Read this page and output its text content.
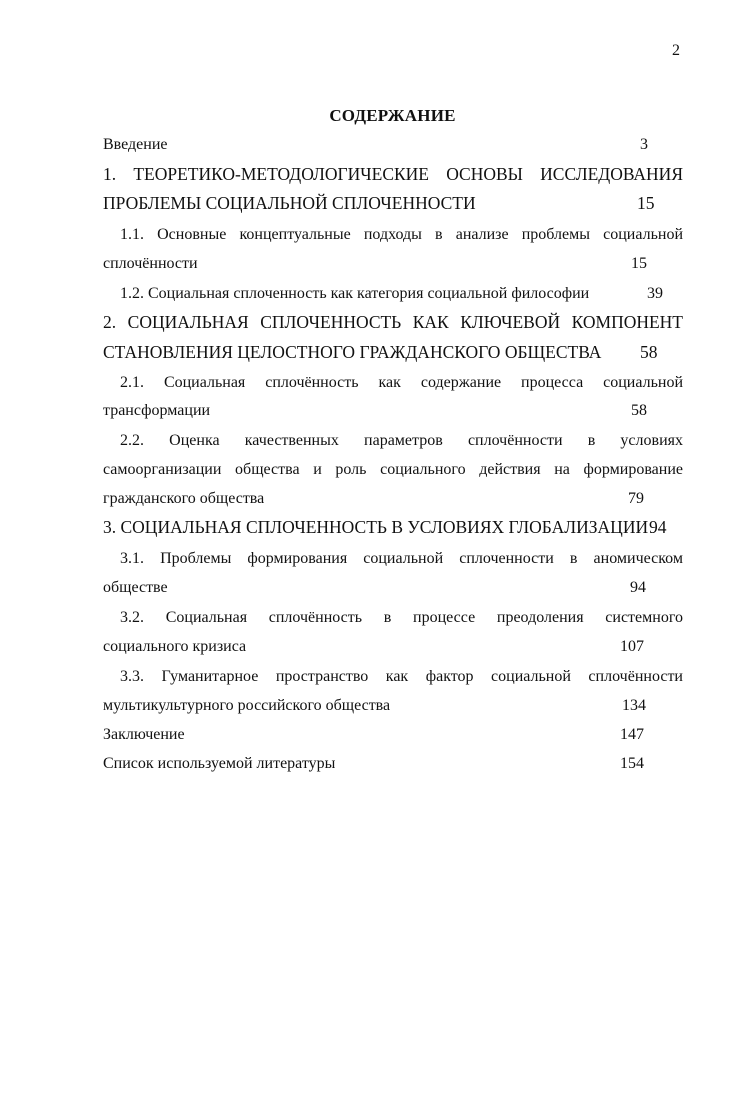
2
СОДЕРЖАНИЕ
Введение	3
1. ТЕОРЕТИКО-МЕТОДОЛОГИЧЕСКИЕ ОСНОВЫ ИССЛЕДОВАНИЯ
ПРОБЛЕМЫ СОЦИАЛЬНОЙ СПЛОЧЕННОСТИ	15
1.1. Основные концептуальные подходы в анализе проблемы социальной
сплочённости	15
1.2. Социальная сплоченность как категория социальной философии	39
2. СОЦИАЛЬНАЯ СПЛОЧЕННОСТЬ КАК КЛЮЧЕВОЙ КОМПОНЕНТ
СТАНОВЛЕНИЯ ЦЕЛОСТНОГО ГРАЖДАНСКОГО ОБЩЕСТВА 58
2.1. Социальная сплочённость как содержание процесса социальной
трансформации	58
2.2. Оценка качественных параметров сплочённости в условиях
самоорганизации общества и роль социального действия на формирование
гражданского общества	79
3. СОЦИАЛЬНАЯ СПЛОЧЕННОСТЬ В УСЛОВИЯХ ГЛОБАЛИЗАЦИИ 94
3.1. Проблемы формирования социальной сплоченности в аномическом
обществе	94
3.2. Социальная сплочённость в процессе преодоления системного
социального кризиса	107
3.3. Гуманитарное пространство как фактор социальной сплочённости
мультикультурного российского общества	134
Заключение	147
Список используемой литературы	154
